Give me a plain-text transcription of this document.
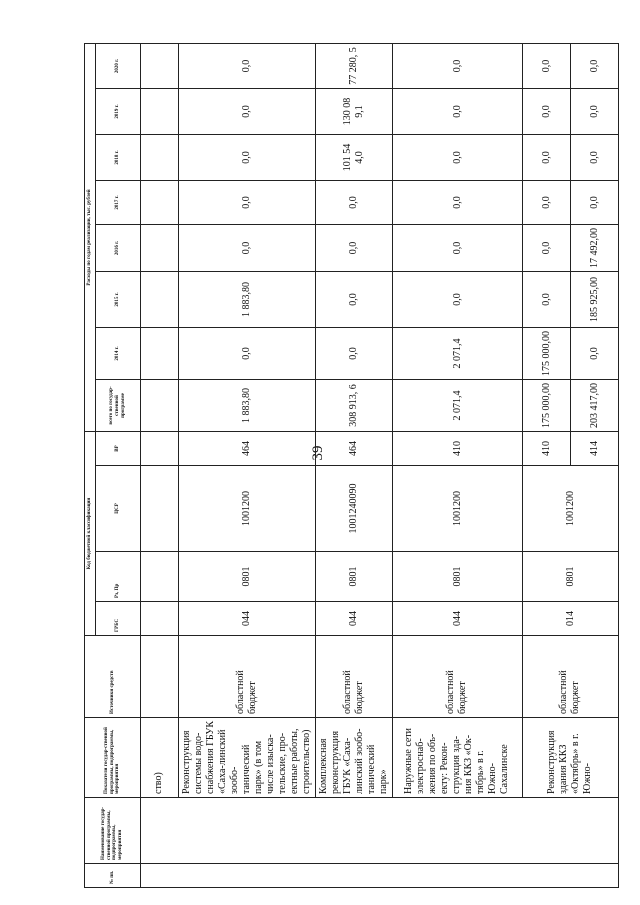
39
№ пп.	Наименование государ-ственной программы, подпрограммы, мероприятия	Показатели государ-ственной программы, подпрограммы, мероприятия	Источники средств	Код бюджетной классификации				Расходы по годам реализации, тыс. рублей							
				ГРБС	Рз, Пр	ЦСР	ВР	всего по государ-ственной программе	2014 г.	2015 г.	2016 г.	2017 г.	2018 г.	2019 г.	2020 г.
		ство)													
		Реконструкция системы водо-снабжения ГБУК «Саха-линский зообо-танический парк» (в том числе изыска-тельские, про-ектные работы, строительство)	областной бюджет	044	0801	1001200	464	1 883,80	0,0	1 883,80	0,0	0,0	0,0	0,0	0,0
		Комплексная реконструкция ГБУК «Саха-линский зообо-танический парк»	областной бюджет	044	0801	1001240090	464	308 913, 6	0,0	0,0	0,0	0,0	101 54 4,0	130 08 9,1	77 280, 5
		Наружные сети электроснаб-жения по объ-екту: Рекон-струкция зда-ния ККЗ «Ок-тябрь» в г. Южно-Сахалинске	областной бюджет	044	0801	1001200	410	2 071,4	2 071,4	0,0	0,0	0,0	0,0	0,0	0,0
		Реконструкция здания ККЗ «Октябрь» в г. Южно-	областной бюджет	014	0801	1001200	410	175 000,00	175 000,00	0,0	0,0	0,0	0,0	0,0	0,0
							414	203 417,00	0,0	185 925,00	17 492,00	0,0	0,0	0,0	0,0
